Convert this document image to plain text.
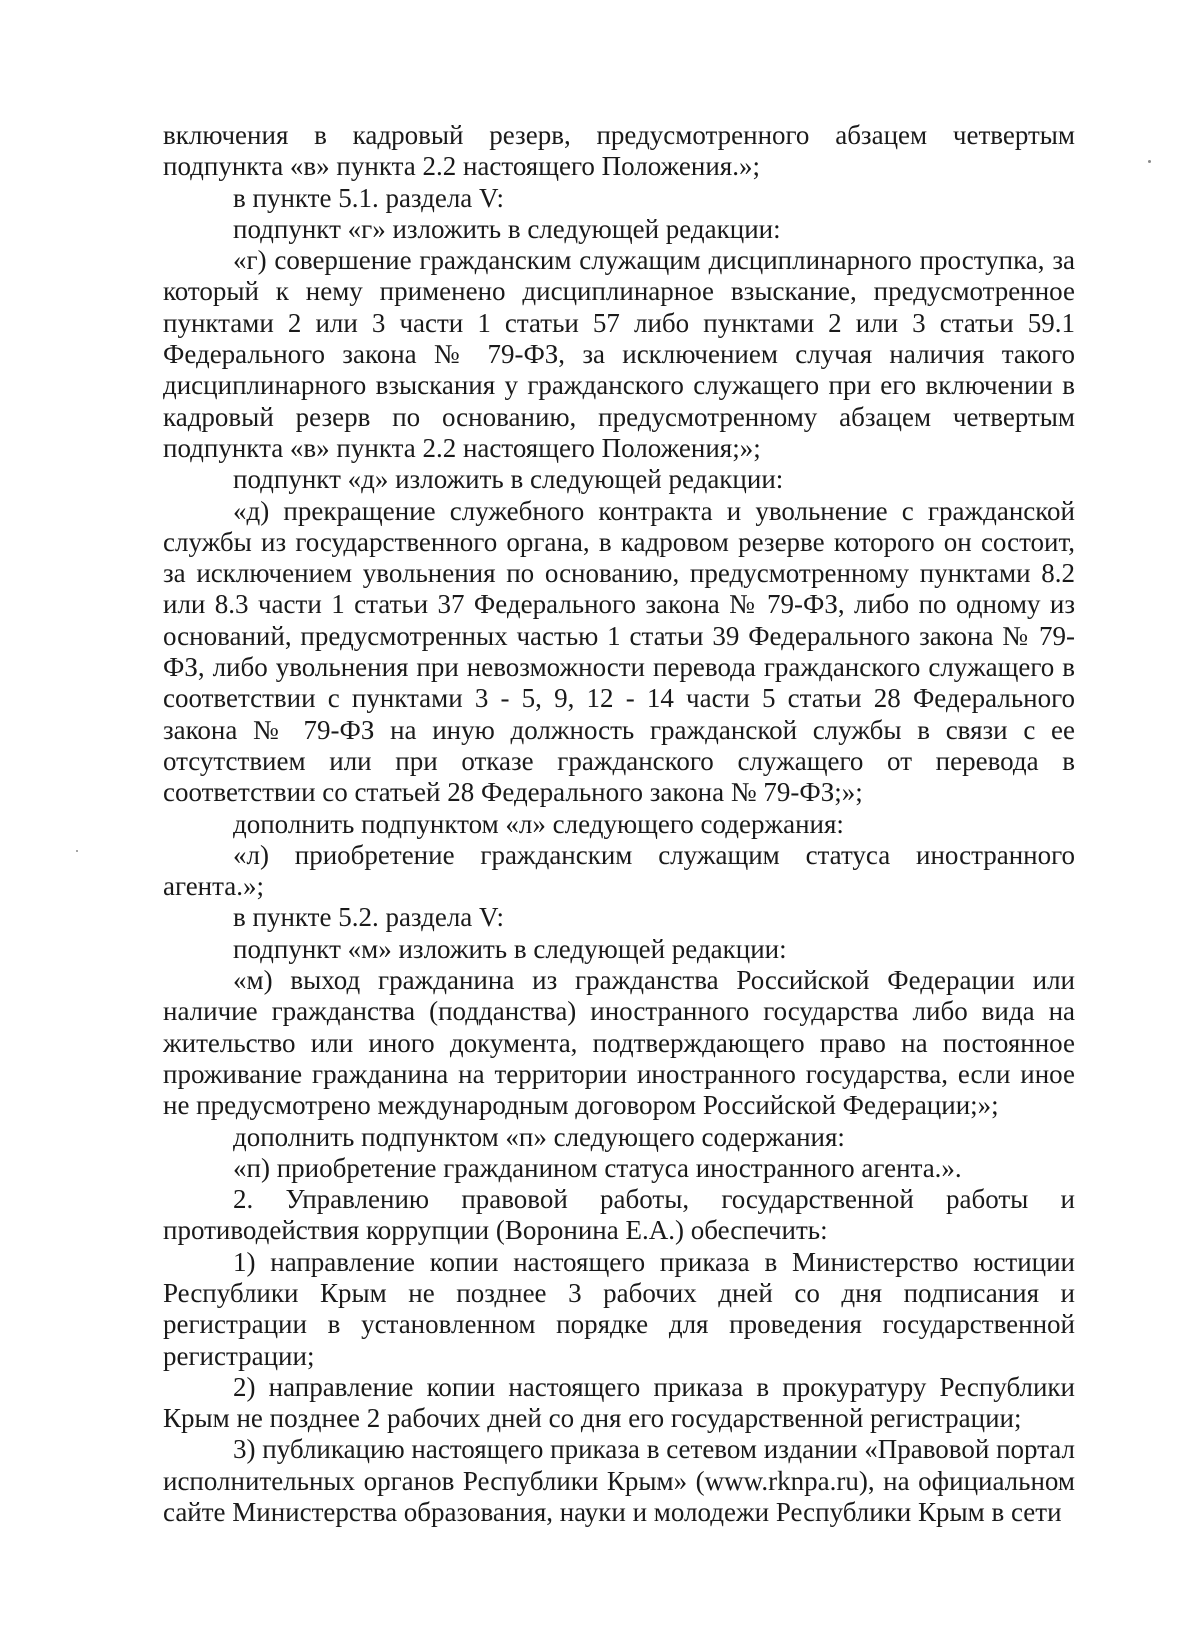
включения в кадровый резерв, предусмотренного абзацем четвертым подпункта «в» пункта 2.2 настоящего Положения.»;

в пункте 5.1. раздела V:

подпункт «г» изложить в следующей редакции:

«г) совершение гражданским служащим дисциплинарного проступка, за который к нему применено дисциплинарное взыскание, предусмотренное пунктами 2 или 3 части 1 статьи 57 либо пунктами 2 или 3 статьи 59.1 Федерального закона № 79-ФЗ, за исключением случая наличия такого дисциплинарного взыскания у гражданского служащего при его включении в кадровый резерв по основанию, предусмотренному абзацем четвертым подпункта «в» пункта 2.2 настоящего Положения;»;

подпункт «д» изложить в следующей редакции:

«д) прекращение служебного контракта и увольнение с гражданской службы из государственного органа, в кадровом резерве которого он состоит, за исключением увольнения по основанию, предусмотренному пунктами 8.2 или 8.3 части 1 статьи 37 Федерального закона № 79-ФЗ, либо по одному из оснований, предусмотренных частью 1 статьи 39 Федерального закона № 79-ФЗ, либо увольнения при невозможности перевода гражданского служащего в соответствии с пунктами 3 - 5, 9, 12 - 14 части 5 статьи 28 Федерального закона № 79-ФЗ на иную должность гражданской службы в связи с ее отсутствием или при отказе гражданского служащего от перевода в соответствии со статьей 28 Федерального закона № 79-ФЗ;»;

дополнить подпунктом «л» следующего содержания:

«л) приобретение гражданским служащим статуса иностранного агента.»;

в пункте 5.2. раздела V:

подпункт «м» изложить в следующей редакции:

«м) выход гражданина из гражданства Российской Федерации или наличие гражданства (подданства) иностранного государства либо вида на жительство или иного документа, подтверждающего право на постоянное проживание гражданина на территории иностранного государства, если иное не предусмотрено международным договором Российской Федерации;»;

дополнить подпунктом «п» следующего содержания:

«п) приобретение гражданином статуса иностранного агента.».

2. Управлению правовой работы, государственной работы и противодействия коррупции (Воронина Е.А.) обеспечить:

1) направление копии настоящего приказа в Министерство юстиции Республики Крым не позднее 3 рабочих дней со дня подписания и регистрации в установленном порядке для проведения государственной регистрации;

2) направление копии настоящего приказа в прокуратуру Республики Крым не позднее 2 рабочих дней со дня его государственной регистрации;

3) публикацию настоящего приказа в сетевом издании «Правовой портал исполнительных органов Республики Крым» (www.rknpa.ru), на официальном сайте Министерства образования, науки и молодежи Республики Крым в сети
